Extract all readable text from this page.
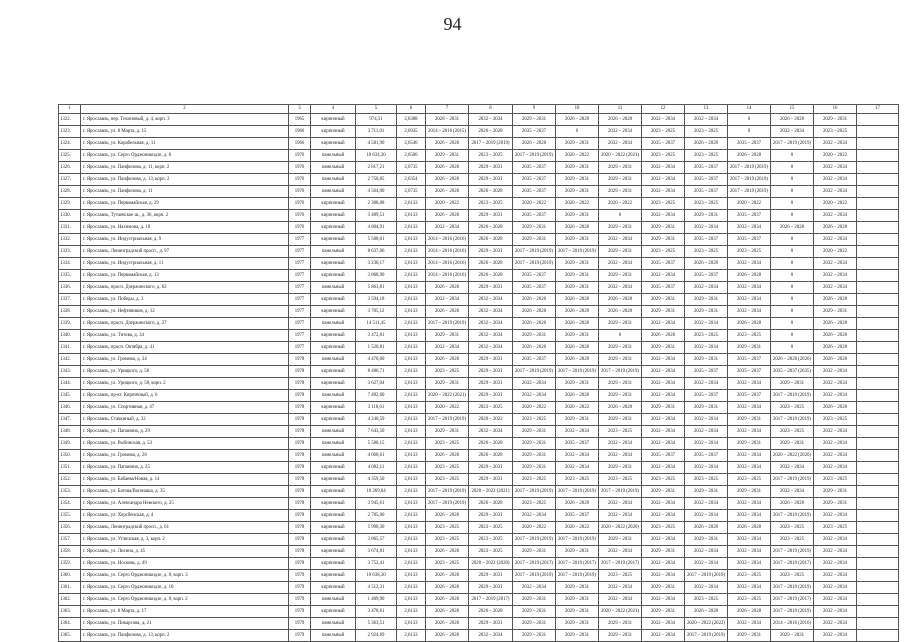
94
1	2	3	4	5	6	7	8	9	10	11	12	13	14	15	16	17
1322.	г. Ярославль, пер. Тихоновый, д. 4, корп. 3	1965	кирпичный	974,31	2,6388	2028 – 2031	2032 – 2034	2029 – 2031	2026 – 2028	2026 – 2028	2032 – 2034	2032 – 2034	0	2026 – 2028	2029 – 2031	
1323.	г. Ярославль, ул. 8 Марта, д. 15	1966	кирпичный	3 711,01	2,6935	2014 – 2016 (2015)	2026 – 2028	2035 – 2037	0	2032 – 2034	2023 – 2025	2023 – 2025	0	2032 – 2034	2023 – 2025	
1324.	г. Ярославль, ул. Корабельная, д. 11	1966	кирпичный	4 581,90	2,6540	2026 – 2028	2017 – 2019 (2019)	2026 – 2028	2029 – 2031	2032 – 2034	2035 – 2037	2026 – 2028	2035 – 2037	2017 – 2019 (2019)	2032 – 2034	
1325.	г. Ярославль, ул. Серго Орджоникидзе, д. 8	1976	панельный	10 634,30	2,6500	2029 – 2031	2023 – 2025	2017 – 2019 (2019)	2020 – 2022	2020 – 2022 (2021)	2023 – 2025	2023 – 2025	2026 – 2028	0	2020 – 2022	
1326.	г. Ярославль, ул. Панфилова, д. 11, корп. 2	1976	панельный	2 817,21	2,6735	2026 – 2028	2029 – 2031	2035 – 2037	2029 – 2031	2029 – 2031	2032 – 2034	2035 – 2037	2017 – 2019 (2019)	0	2032 – 2034	
1327.	г. Ярославль, ул. Панфилова, д. 13, корп. 2	1976	панельный	2 750,85	2,6354	2026 – 2028	2029 – 2031	2035 – 2037	2029 – 2031	2029 – 2031	2032 – 2034	2035 – 2037	2017 – 2019 (2019)	0	2032 – 2034	
1328.	г. Ярославль, ул. Панфилова, д. 11	1976	панельный	4 564,00	2,6735	2026 – 2028	2026 – 2028	2035 – 2037	2029 – 2031	2029 – 2031	2032 – 2034	2035 – 2037	2017 – 2019 (2019)	0	2032 – 2034	
1329.	г. Ярославль, ул. Первомайская, д. 29	1976	кирпичный	2 308,08	2,6133	2020 – 2022	2023 – 2025	2020 – 2022	2020 – 2022	2020 – 2022	2023 – 2025	2023 – 2025	2020 – 2022	0	2020 – 2022	
1330.	г. Ярославль, Тутаевское ш., д. 36, корп. 2	1976	кирпичный	3 489,51	2,6133	2026 – 2028	2029 – 2031	2035 – 2037	2029 – 2031	0	2032 – 2034	2029 – 2031	2035 – 2037	0	2032 – 2034	
1331.	г. Ярославль, ул. Нахимова, д. 18	1976	кирпичный	4 804,91	2,6133	2032 – 2034	2026 – 2028	2029 – 2031	2026 – 2028	2029 – 2031	2029 – 2031	2032 – 2034	2032 – 2034	2026 – 2028	2026 – 2028	
1332.	г. Ярославль, ул. Индустриальная, д. 9	1977	кирпичный	5 508,01	2,6133	2014 – 2016 (2016)	2026 – 2028	2029 – 2031	2029 – 2031	2032 – 2034	2029 – 2031	2035 – 2037	2035 – 2037	0	2032 – 2034	
1333.	г. Ярославль, Ленинградский просп., д. 97	1977	панельный	8 637,06	2,6133	2014 – 2016 (2016)	2029 – 2031	2017 – 2019 (2019)	2017 – 2019 (2019)	2029 – 2031	2023 – 2025	2023 – 2025	2023 – 2025	0	2020 – 2022	
1334.	г. Ярославль, ул. Индустриальная, д. 11	1977	кирпичный	3 230,17	2,6133	2014 – 2016 (2016)	2026 – 2028	2017 – 2019 (2019)	2029 – 2031	2032 – 2034	2035 – 2037	2026 – 2028	2032 – 2034	0	2032 – 2034	
1335.	г. Ярославль, ул. Первомайская, д. 13	1977	кирпичный	3 868,90	2,6133	2014 – 2016 (2016)	2026 – 2028	2035 – 2037	2029 – 2031	2029 – 2031	2032 – 2034	2035 – 2037	2026 – 2028	0	2032 – 2034	
1336.	г. Ярославль, просп. Дзержинского, д. 62	1977	панельный	5 863,81	2,6133	2026 – 2028	2029 – 2031	2035 – 2037	2029 – 2031	2032 – 2034	2035 – 2037	2032 – 2034	2032 – 2034	0	2032 – 2034	
1337.	г. Ярославль, ул. Победы, д. 3	1977	кирпичный	3 594,18	2,6133	2032 – 2034	2032 – 2034	2026 – 2028	2026 – 2028	2026 – 2028	2029 – 2031	2029 – 2031	2032 – 2034	0	2026 – 2028	
1338.	г. Ярославль, ул. Нефтяников, д. 12	1977	кирпичный	3 705,12	2,6133	2026 – 2028	2032 – 2034	2026 – 2028	2026 – 2028	2026 – 2028	2029 – 2031	2029 – 2031	2032 – 2034	0	2029 – 2031	
1339.	г. Ярославль, просп. Дзержинского, д. 27	1977	панельный	14 511,45	2,6133	2017 – 2019 (2019)	2032 – 2034	2026 – 2028	2026 – 2028	2029 – 2031	2032 – 2034	2032 – 2034	2026 – 2028	0	2026 – 2028	
1340.	г. Ярославль, ул. Титова, д. 34	1977	кирпичный	3 472,81	2,6133	2029 – 2031	2032 – 2034	2029 – 2031	2029 – 2031	0	2026 – 2028	2023 – 2025	2023 – 2025	0	2026 – 2028	
1341.	г. Ярославль, просп. Октября, д. 41	1977	кирпичный	1 520,81	2,6133	2032 – 2034	2032 – 2034	2026 – 2028	2026 – 2028	2029 – 2031	2029 – 2031	2032 – 2034	2029 – 2031	0	2026 – 2028	
1342.	г. Ярославль, ул. Громова, д. 34	1978	панельный	4 470,60	2,6133	2026 – 2028	2029 – 2031	2035 – 2037	2026 – 2028	2029 – 2031	2032 – 2034	2029 – 2031	2035 – 2037	2026 – 2028 (2026)	2026 – 2028	
1343.	г. Ярославль, ул. Урицкого, д. 58	1978	кирпичный	8 486,71	2,6133	2023 – 2025	2029 – 2031	2017 – 2019 (2019)	2017 – 2019 (2019)	2017 – 2019 (2019)	2032 – 2034	2035 – 2037	2035 – 2037	2035 – 2037 (2035)	2032 – 2034	
1344.	г. Ярославль, ул. Урицкого, д. 58, корп. 2	1978	кирпичный	3 627,04	2,6133	2029 – 2031	2029 – 2031	2032 – 2034	2029 – 2031	2029 – 2031	2032 – 2034	2032 – 2034	2032 – 2034	2029 – 2031	2032 – 2034	
1345.	г. Ярославль, пр-кт. Кирпичный, д. 6	1978	панельный	7 482,60	2,6133	2020 – 2022 (2021)	2029 – 2031	2032 – 2034	2026 – 2028	2029 – 2031	2032 – 2034	2035 – 2037	2035 – 2037	2017 – 2019 (2019)	2032 – 2034	
1346.	г. Ярославль, ул. Спортивная, д. 47	1978	кирпичный	3 118,61	2,6133	2020 – 2022	2023 – 2025	2020 – 2022	2020 – 2022	2026 – 2028	2029 – 2031	2029 – 2031	2032 – 2034	2023 – 2025	2026 – 2028	
1347.	г. Ярославль, Стачкиный, д. 32	1978	кирпичный	4 240,59	2,6133	2017 – 2019 (2019)	2020 – 2022	2023 – 2025	2029 – 2031	2029 – 2031	2032 – 2034	2032 – 2034	2029 – 2031	2017 – 2019 (2019)	2023 – 2025	
1348.	г. Ярославль, ул. Папанина, д. 29	1978	панельный	7 643,50	2,6133	2029 – 2031	2032 – 2034	2029 – 2031	2032 – 2034	2023 – 2025	2032 – 2034	2032 – 2034	2032 – 2034	2023 – 2025	2032 – 2034	
1349.	г. Ярославль, ул. Рыбинская, д. 53	1978	панельный	5 580,15	2,6133	2023 – 2025	2026 – 2028	2029 – 2031	2035 – 2037	2032 – 2034	2032 – 2034	2032 – 2034	2029 – 2031	2029 – 2031	2032 – 2034	
1350.	г. Ярославль, ул. Громова, д. 28	1978	панельный	4 060,61	2,6133	2026 – 2028	2026 – 2028	2029 – 2031	2032 – 2034	2032 – 2034	2035 – 2037	2035 – 2037	2032 – 2034	2020 – 2022 (2020)	2032 – 2034	
1351.	г. Ярославль, ул. Папанина, д. 25	1978	кирпичный	4 082,11	2,6133	2023 – 2025	2029 – 2031	2029 – 2031	2032 – 2034	2029 – 2031	2032 – 2034	2032 – 2034	2032 – 2034	2032 – 2034	2032 – 2034	
1352.	г. Ярославль, ул. Бабаева/Новая, д. 14	1978	кирпичный	4 359,50	2,6133	2023 – 2025	2029 – 2031	2023 – 2025	2023 – 2025	2023 – 2025	2023 – 2025	2023 – 2025	2023 – 2025	2017 – 2019 (2019)	2023 – 2025	
1353.	г. Ярославль, ул. Батова/Вагонаша, д. 35	1978	кирпичный	10 269,04	2,6133	2017 – 2019 (2019)	2020 – 2022 (2021)	2017 – 2019 (2019)	2017 – 2019 (2019)	2017 – 2019 (2019)	2029 – 2031	2029 – 2031	2029 – 2031	2032 – 2034	2029 – 2031	
1354.	г. Ярославль, ул. Александра Невского, д. 25	1978	кирпичный	3 945,61	2,6133	2017 – 2019 (2019)	2026 – 2028	2023 – 2025	2026 – 2028	2032 – 2034	2032 – 2034	2032 – 2034	2032 – 2034	2026 – 2028	2029 – 2031	
1355.	г. Ярославль, ул. Хорсбенская, д. 4	1978	кирпичный	2 785,00	2,6133	2026 – 2028	2029 – 2031	2032 – 2034	2035 – 2037	2032 – 2034	2032 – 2034	2032 – 2034	2032 – 2034	2017 – 2019 (2019)	2032 – 2034	
1356.	г. Ярославль, Ленинградский просп., д. 61	1978	кирпичный	5 990,30	2,6133	2023 – 2025	2023 – 2025	2020 – 2022	2020 – 2022	2020 – 2022 (2020)	2023 – 2025	2026 – 2028	2026 – 2028	2023 – 2025	2023 – 2025	
1357.	г. Ярославль, ул. Угличская, д. 3, корп. 2	1978	кирпичный	3 865,57	2,6133	2023 – 2025	2023 – 2025	2017 – 2019 (2019)	2017 – 2019 (2019)	2029 – 2031	2032 – 2034	2029 – 2031	2032 – 2034	2023 – 2025	2032 – 2034	
1358.	г. Ярославль, ул. Лисина, д. 45	1978	кирпичный	3 674,81	2,6133	2026 – 2028	2023 – 2025	2029 – 2031	2029 – 2031	2032 – 2034	2029 – 2031	2032 – 2034	2032 – 2034	2017 – 2019 (2019)	2032 – 2034	
1359.	г. Ярославль, ул. Носкова, д. 49	1978	кирпичный	3 752,41	2,6133	2023 – 2025	2020 – 2022 (2020)	2017 – 2019 (2017)	2017 – 2019 (2017)	2017 – 2019 (2017)	2032 – 2034	2032 – 2034	2032 – 2034	2017 – 2019 (2017)	2032 – 2034	
1360.	г. Ярославль, ул. Серго Орджоникидзе, д. 8, корп. 3	1979	кирпичный	10 638,30	2,6133	2026 – 2028	2029 – 2031	2017 – 2019 (2019)	2017 – 2019 (2019)	2023 – 2025	2032 – 2034	2017 – 2019 (2019)	2023 – 2025	2023 – 2025	2032 – 2034	
1361.	г. Ярославль, ул. Серго Орджоникидзе, д. 10	1979	кирпичный	4 512,31	2,6133	2026 – 2028	2029 – 2031	2032 – 2034	2029 – 2031	2032 – 2034	2029 – 2031	2032 – 2034	2032 – 2034	2017 – 2019 (2019)	2032 – 2034	
1362.	г. Ярославль, ул. Серго Орджоникидзе, д. 8, корп. 2	1979	панельный	1 409,90	2,6133	2026 – 2028	2017 – 2019 (2017)	2029 – 2031	2029 – 2031	2032 – 2034	2032 – 2034	2023 – 2025	2023 – 2025	2017 – 2019 (2017)	2032 – 2034	
1363.	г. Ярославль, ул. 8 Марта, д. 17	1979	кирпичный	3 478,61	2,6133	2026 – 2028	2026 – 2028	2029 – 2031	2029 – 2031	2020 – 2022 (2021)	2029 – 2031	2026 – 2028	2026 – 2028	2017 – 2019 (2019)	2032 – 2034	
1364.	г. Ярославль, ул. Пикарсова, д. 21	1979	панельный	5 363,51	2,6133	2026 – 2028	2029 – 2031	2029 – 2031	2029 – 2031	2029 – 2031	2032 – 2034	2020 – 2022 (2022)	2032 – 2034	2014 – 2016 (2016)	2032 – 2034	
1365.	г. Ярославль, ул. Панфилова, д. 13, корп. 2	1979	панельный	2 924,69	2,6133	2026 – 2028	2032 – 2034	2029 – 2031	2029 – 2031	2029 – 2031	2032 – 2034	2017 – 2019 (2019)	2029 – 2031	2029 – 2031	2032 – 2034	
